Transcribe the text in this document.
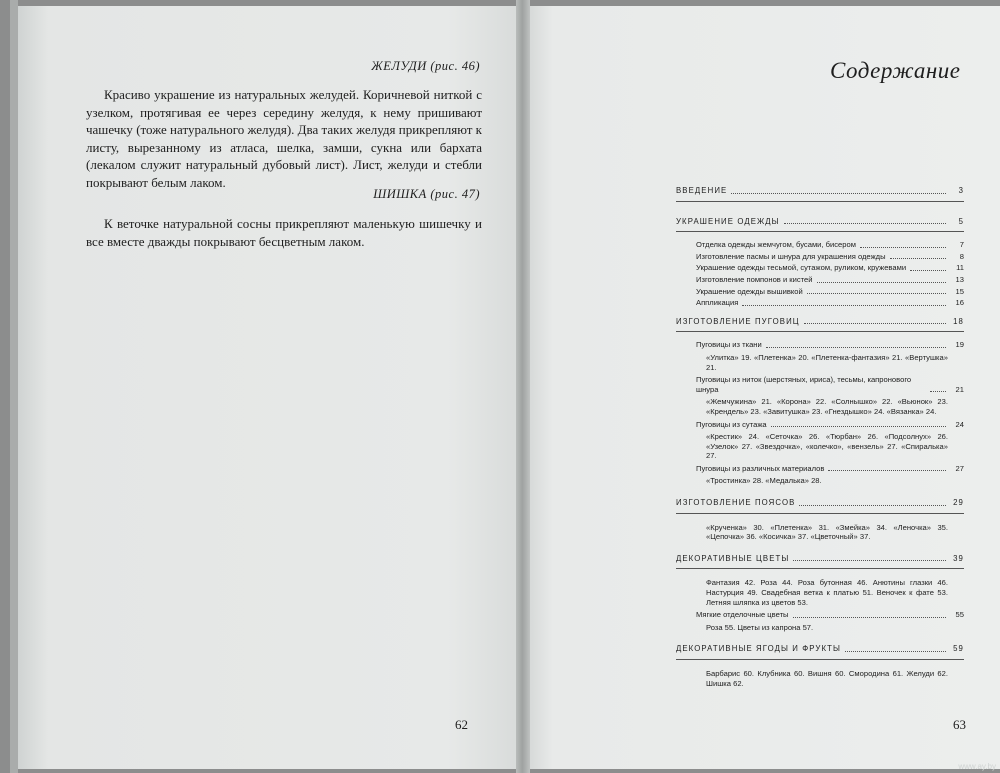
ЖЕЛУДИ (рис. 46)

Красиво украшение из натуральных желудей. Коричневой ниткой с узелком, протягивая ее через середину желудя, к нему пришивают чашечку (тоже натурального желудя). Два таких желудя прикрепляют к листу, вырезанному из атласа, шелка, замши, сукна или бархата (лекалом служит натуральный дубовый лист). Лист, желуди и стебли покрывают белым лаком.

ШИШКА (рис. 47)

К веточке натуральной сосны прикрепляют маленькую шишечку и все вместе дважды покрывают бесцветным лаком.

62
Содержание
ВВЕДЕНИЕ	3
УКРАШЕНИЕ ОДЕЖДЫ	5
Отделка одежды жемчугом, бусами, бисером	7
Изготовление пасмы и шнура для украшения одежды	8
Украшение одежды тесьмой, сутажом, руликом, кружевами	11
Изготовление помпонов и кистей	13
Украшение одежды вышивкой	15
Аппликация	16
ИЗГОТОВЛЕНИЕ ПУГОВИЦ	18
Пуговицы из ткани	19
«Улитка» 19. «Плетенка» 20. «Плетенка-фантазия» 21. «Вертушка» 21.
Пуговицы из ниток (шерстяных, ириса), тесьмы, капронового шнура	21
«Жемчужина» 21. «Корона» 22. «Солнышко» 22. «Вьюнок» 23. «Крендель» 23. «Завитушка» 23. «Гнездышко» 24. «Вязанка» 24.
Пуговицы из сутажа	24
«Крестик» 24. «Сеточка» 26. «Тюрбан» 26. «Подсолнух» 26. «Узелок» 27. «Звездочка», «колечко», «вензель» 27. «Спиралька» 27.
Пуговицы из различных материалов	27
«Тростинка» 28. «Медалька» 28.
ИЗГОТОВЛЕНИЕ ПОЯСОВ	29
«Крученка» 30. «Плетенка» 31. «Змейка» 34. «Леночка» 35. «Цепочка» 36. «Косичка» 37. «Цветочный» 37.
ДЕКОРАТИВНЫЕ ЦВЕТЫ	39
Фантазия 42. Роза 44. Роза бутонная 46. Анютины глазки 46. Настурция 49. Свадебная ветка к платью 51. Веночек к фате 53. Летняя шляпка из цветов 53.
Мягкие отделочные цветы	55
Роза 55. Цветы из капрона 57.
ДЕКОРАТИВНЫЕ ЯГОДЫ И ФРУКТЫ	59
Барбарис 60. Клубника 60. Вишня 60. Смородина 61. Желуди 62. Шишка 62.
63
www.ay.by
